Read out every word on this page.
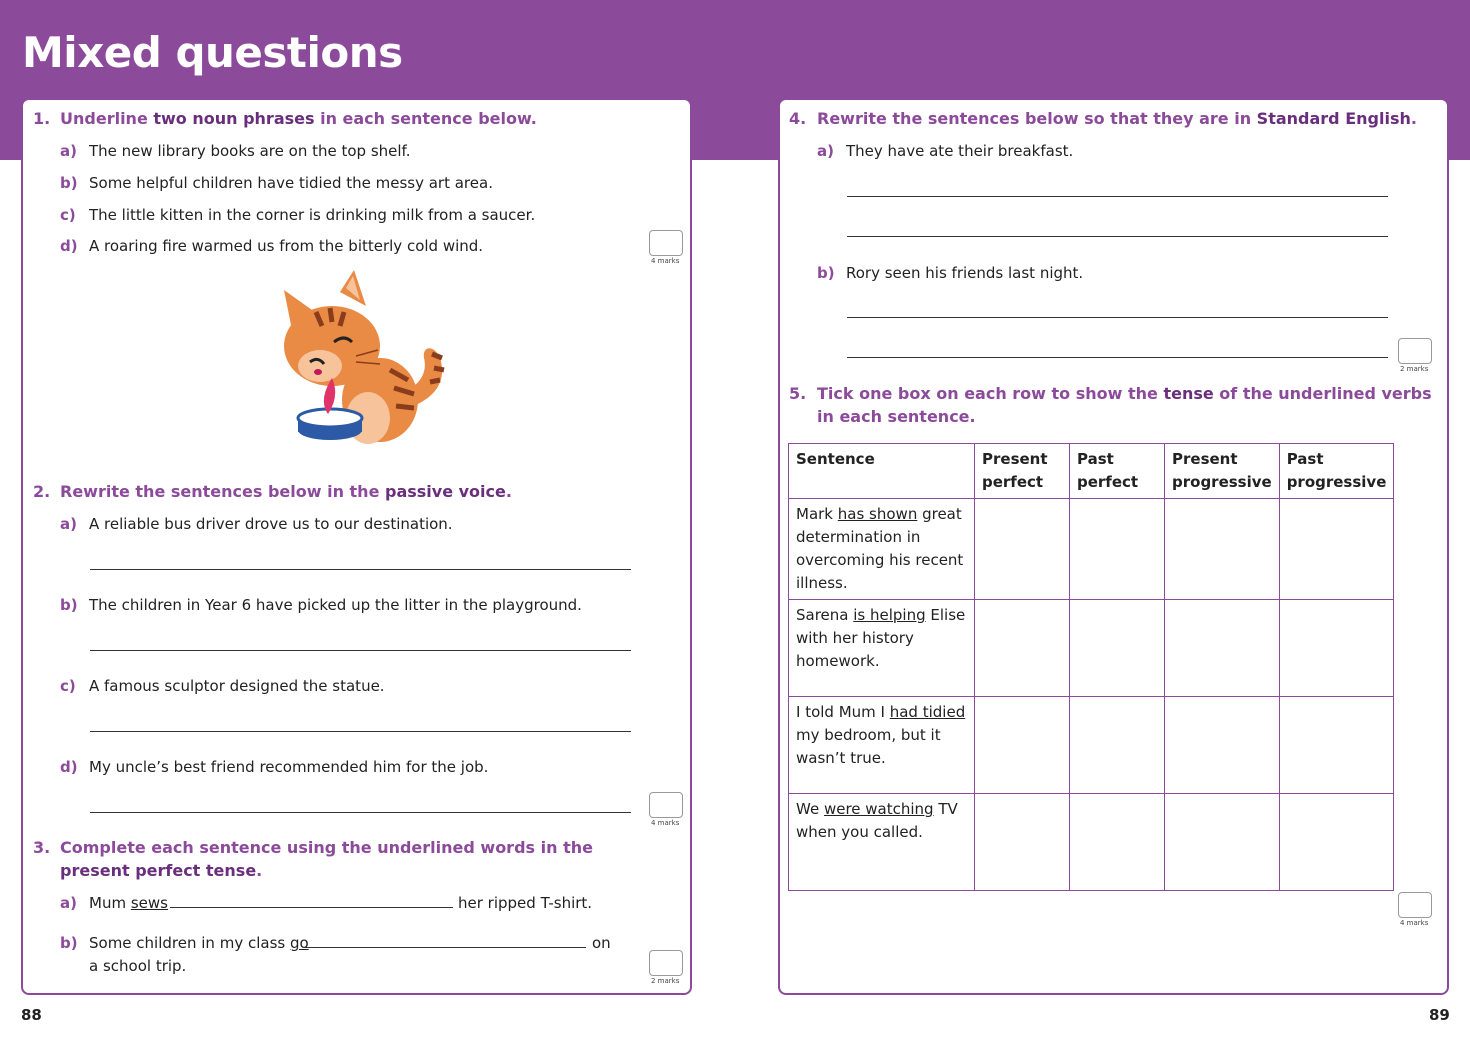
Mixed questions
1. Underline two noun phrases in each sentence below.
a) The new library books are on the top shelf.
b) Some helpful children have tidied the messy art area.
c) The little kitten in the corner is drinking milk from a saucer.
d) A roaring fire warmed us from the bitterly cold wind.
4 marks
2. Rewrite the sentences below in the passive voice.
a) A reliable bus driver drove us to our destination.
b) The children in Year 6 have picked up the litter in the playground.
c) A famous sculptor designed the statue.
d) My uncle’s best friend recommended him for the job.
4 marks
3. Complete each sentence using the underlined words in the present perfect tense.
a) Mum sews	her ripped T-shirt.
b) Some children in my class go	on
a school trip.
2 marks
4. Rewrite the sentences below so that they are in Standard English.
a) They have ate their breakfast.
b) Rory seen his friends last night.
2 marks
5. Tick one box on each row to show the tense of the underlined verbs
in each sentence.
Sentence	Present perfect	Past perfect	Present progressive	Past progressive
Mark has shown great determination in overcoming his recent illness.				
Sarena is helping Elise with her history homework.				
I told Mum I had tidied my bedroom, but it wasn’t true.				
We were watching TV when you called.				
4 marks
88	89
